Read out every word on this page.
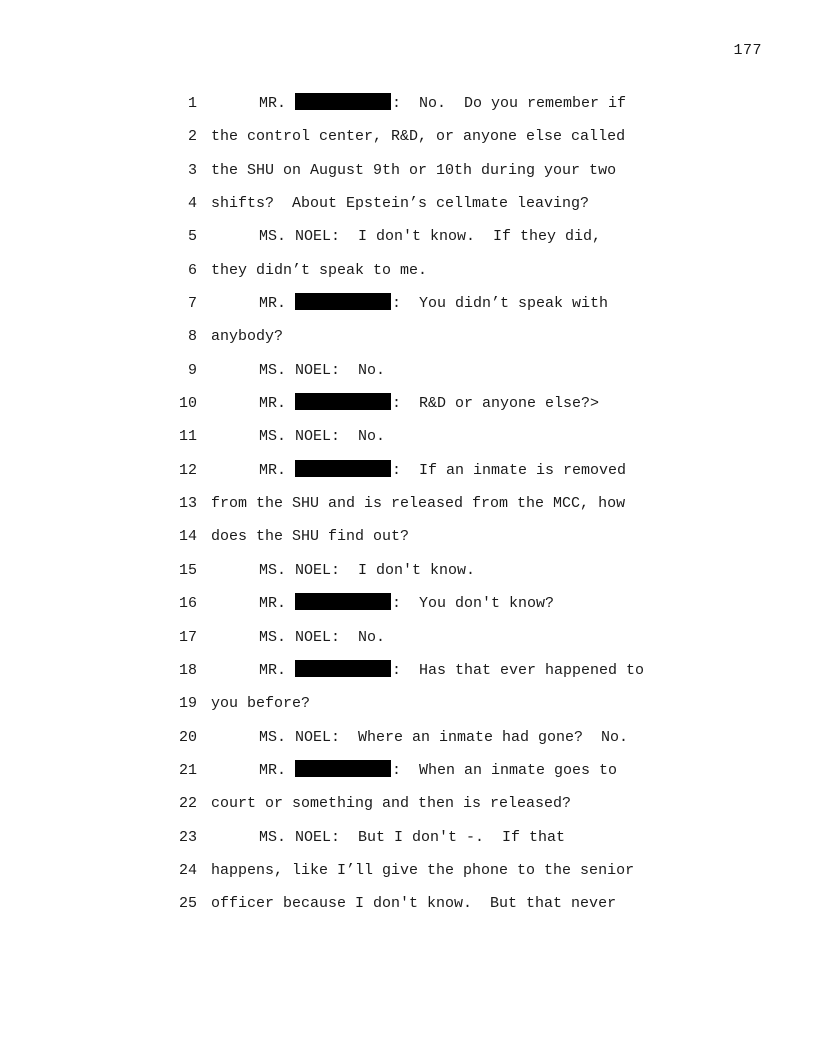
177
1	MR.	:  No.  Do you remember if
2 the control center, R&D, or anyone else called
3 the SHU on August 9th or 10th during your two
4 shifts?  About Epstein’s cellmate leaving?
5	MS. NOEL:  I don't know.  If they did,
6 they didn’t speak to me.
7	MR.	:  You didn’t speak with
8 anybody?
9	MS. NOEL:  No.
10	MR.	:  R&D or anyone else?>
11	MS. NOEL:  No.
12	MR.	:  If an inmate is removed
13 from the SHU and is released from the MCC, how
14 does the SHU find out?
15	MS. NOEL:  I don't know.
16	MR.	:  You don't know?
17	MS. NOEL:  No.
18	MR.	:  Has that ever happened to
19 you before?
20	MS. NOEL:  Where an inmate had gone?  No.
21	MR.	:  When an inmate goes to
22 court or something and then is released?
23	MS. NOEL:  But I don't -.  If that
24 happens, like I’ll give the phone to the senior
25 officer because I don't know.  But that never
